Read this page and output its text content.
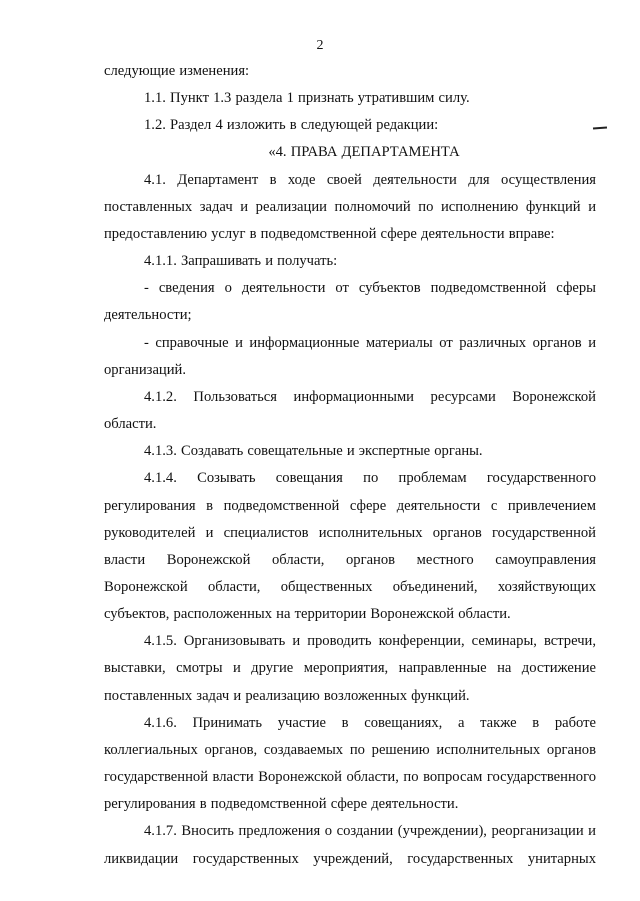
2

следующие изменения:

1.1. Пункт 1.3 раздела 1 признать утратившим силу.

1.2. Раздел 4 изложить в следующей редакции:

«4. ПРАВА ДЕПАРТАМЕНТА

4.1. Департамент в ходе своей деятельности для осуществления поставленных задач и реализации полномочий по исполнению функций и предоставлению услуг в подведомственной сфере деятельности вправе:

4.1.1. Запрашивать и получать:

- сведения о деятельности от субъектов подведомственной сферы деятельности;

- справочные и информационные материалы от различных органов и организаций.

4.1.2. Пользоваться информационными ресурсами Воронежской области.

4.1.3. Создавать совещательные и экспертные органы.

4.1.4. Созывать совещания по проблемам государственного регулирования в подведомственной сфере деятельности с привлечением руководителей и специалистов исполнительных органов государственной власти Воронежской области, органов местного самоуправления Воронежской области, общественных объединений, хозяйствующих субъектов, расположенных на территории Воронежской области.

4.1.5. Организовывать и проводить конференции, семинары, встречи, выставки, смотры и другие мероприятия, направленные на достижение поставленных задач и реализацию возложенных функций.

4.1.6. Принимать участие в совещаниях, а также в работе коллегиальных органов, создаваемых по решению исполнительных органов государственной власти Воронежской области, по вопросам государственного регулирования в подведомственной сфере деятельности.

4.1.7. Вносить предложения о создании (учреждении), реорганизации и ликвидации государственных учреждений, государственных унитарных
